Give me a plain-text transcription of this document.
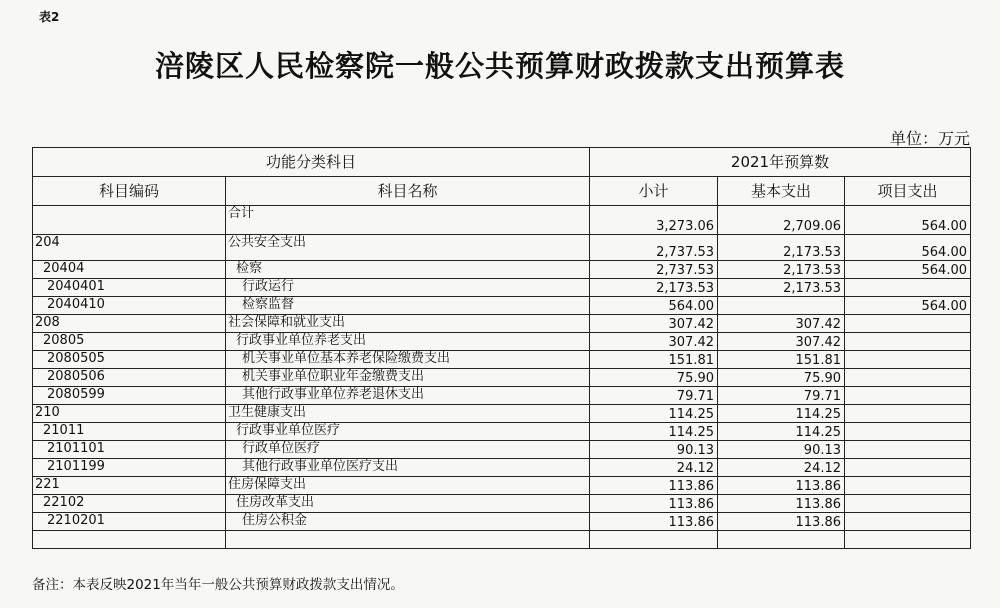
表2
涪陵区人民检察院一般公共预算财政拨款支出预算表
单位：万元
功能分类科目		2021年预算数		
科目编码	科目名称	小计	基本支出	项目支出
	合计	3,273.06	2,709.06	564.00
204	公共安全支出	2,737.53	2,173.53	564.00
20404	检察	2,737.53	2,173.53	564.00
2040401	行政运行	2,173.53	2,173.53	
2040410	检察监督	564.00		564.00
208	社会保障和就业支出	307.42	307.42	
20805	行政事业单位养老支出	307.42	307.42	
2080505	机关事业单位基本养老保险缴费支出	151.81	151.81	
2080506	机关事业单位职业年金缴费支出	75.90	75.90	
2080599	其他行政事业单位养老退休支出	79.71	79.71	
210	卫生健康支出	114.25	114.25	
21011	行政事业单位医疗	114.25	114.25	
2101101	行政单位医疗	90.13	90.13	
2101199	其他行政事业单位医疗支出	24.12	24.12	
221	住房保障支出	113.86	113.86	
22102	住房改革支出	113.86	113.86	
2210201	住房公积金	113.86	113.86	

备注：本表反映2021年当年一般公共预算财政拨款支出情况。
